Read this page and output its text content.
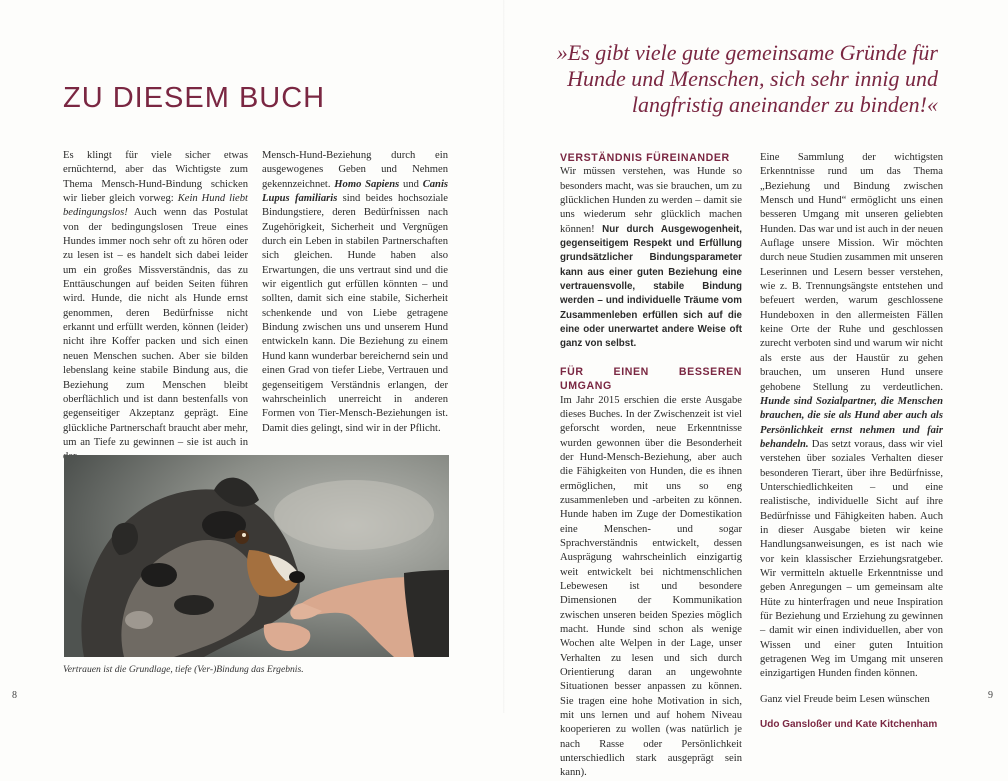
ZU DIESEM BUCH

Es klingt für viele sicher etwas ernüchternd, aber das Wichtigste zum Thema Mensch-Hund-Bindung schicken wir lieber gleich vorweg: Kein Hund liebt bedingungslos! Auch wenn das Postulat von der bedingungslosen Treue eines Hundes immer noch sehr oft zu hören oder zu lesen ist – es handelt sich dabei leider um ein großes Missverständnis, das zu Enttäuschungen auf beiden Seiten führen wird. Hunde, die nicht als Hunde ernst genommen, deren Bedürfnisse nicht erkannt und erfüllt werden, können (leider) nicht ihre Koffer packen und sich einen neuen Menschen suchen. Aber sie bilden lebenslang keine stabile Bindung aus, die Beziehung zum Menschen bleibt oberflächlich und ist dann bestenfalls von gegenseitiger Akzeptanz geprägt. Eine glückliche Partnerschaft braucht aber mehr, um an Tiefe zu gewinnen – sie ist auch in

Mensch-Hund-Beziehung durch ein ausgewogenes Geben und Nehmen gekennzeichnet. Homo Sapiens und Canis Lupus familiaris sind beides hochsoziale Bindungstiere, deren Bedürfnissen nach Zugehörigkeit, Sicherheit und Vergnügen durch ein Leben in stabilen Partnerschaften sich gleichen. Hunde haben also Erwartungen, die uns vertraut sind und die wir eigentlich gut erfüllen könnten – und sollten, damit sich eine stabile, Sicherheit schenkende und von Liebe getragene Bindung zwischen uns und unserem Hund entwickeln kann. Die Beziehung zu einem Hund kann wunderbar bereichernd sein und einen Grad von tiefer Liebe, Vertrauen und gegenseitigem Verständnis erlangen, der wahrscheinlich unerreicht in anderen Formen von Tier-Mensch-Beziehungen ist. Damit dies gelingt, sind wir in der Pflicht.

Vertrauen ist die Grundlage, tiefe (Ver-)Bindung das Ergebnis.
8
»Es gibt viele gute gemeinsame Gründe für Hunde und Menschen, sich sehr innig und langfristig aneinander zu binden!«
VERSTÄNDNIS FÜREINANDER

Wir müssen verstehen, was Hunde so besonders macht, was sie brauchen, um zu glücklichen Hunden zu werden – damit sie uns wiederum sehr glücklich machen können! Nur durch Ausgewogenheit, gegenseitigem Respekt und Erfüllung grundsätzlicher Bindungsparameter kann aus einer guten Beziehung eine vertrauensvolle, stabile Bindung werden – und individuelle Träume vom Zusammenleben erfüllen sich auf die eine oder unerwartet andere Weise oft ganz von selbst.

FÜR EINEN BESSEREN UMGANG

Im Jahr 2015 erschien die erste Ausgabe dieses Buches. In der Zwischenzeit ist viel geforscht worden, neue Erkenntnisse wurden gewonnen über die Besonderheit der Hund-Mensch-Beziehung, aber auch die Fähigkeiten von Hunden, die es ihnen ermöglichen, mit uns so eng zusammenleben und -arbeiten zu können. Hunde haben im Zuge der Domestikation eine Menschen- und sogar Sprachverständnis entwickelt, dessen Ausprägung wahrscheinlich einzigartig weit entwickelt bei nichtmenschlichen Lebewesen ist und besondere Dimensionen der Kommunikation zwischen unseren beiden Spezies möglich macht. Hunde sind schon als wenige Wochen alte Welpen in der Lage, unser Verhalten zu lesen und sich durch Orientierung daran an ungewohnte Situationen besser anpassen zu können. Sie tragen eine hohe Motivation in sich, mit uns lernen und auf hohem Niveau kooperieren zu wollen (was natürlich je nach Rasse oder Persönlichkeit unterschiedlich stark ausgeprägt sein kann).

Eine Sammlung der wichtigsten Erkenntnisse rund um das Thema „Beziehung und Bindung zwischen Mensch und Hund“ ermöglicht uns einen besseren Umgang mit unseren geliebten Hunden. Das war und ist auch in der neuen Auflage unsere Mission. Wir möchten durch neue Studien zusammen mit unseren Leserinnen und Lesern besser verstehen, wie z. B. Trennungsängste entstehen und befeuert werden, warum geschlossene Hundeboxen in den allermeisten Fällen keine Orte der Ruhe und geschlossen zurecht verboten sind und warum wir nicht als erste aus der Haustür zu gehen brauchen, um unseren Hund unsere gehobene Stellung zu verdeutlichen. Hunde sind Sozialpartner, die Menschen brauchen, die sie als Hund aber auch als Persönlichkeit ernst nehmen und fair behandeln. Das setzt voraus, dass wir viel verstehen über soziales Verhalten dieser besonderen Tierart, über ihre Bedürfnisse, Unterschiedlichkeiten – und eine realistische, individuelle Sicht auf ihre Bedürfnisse und Fähigkeiten haben. Auch in dieser Ausgabe bieten wir keine Handlungsanweisungen, es ist nach wie vor kein klassischer Erziehungsratgeber. Wir vermitteln aktuelle Erkenntnisse und geben Anregungen – um gemeinsam alte Hüte zu hinterfragen und neue Inspiration für Beziehung und Erziehung zu gewinnen – damit wir einen individuellen, aber von Wissen und einer guten Intuition getragenen Weg im Umgang mit unseren einzigartigen Hunden finden können.

Ganz viel Freude beim Lesen wünschen

Udo Gansloßer und Kate Kitchenham

9
